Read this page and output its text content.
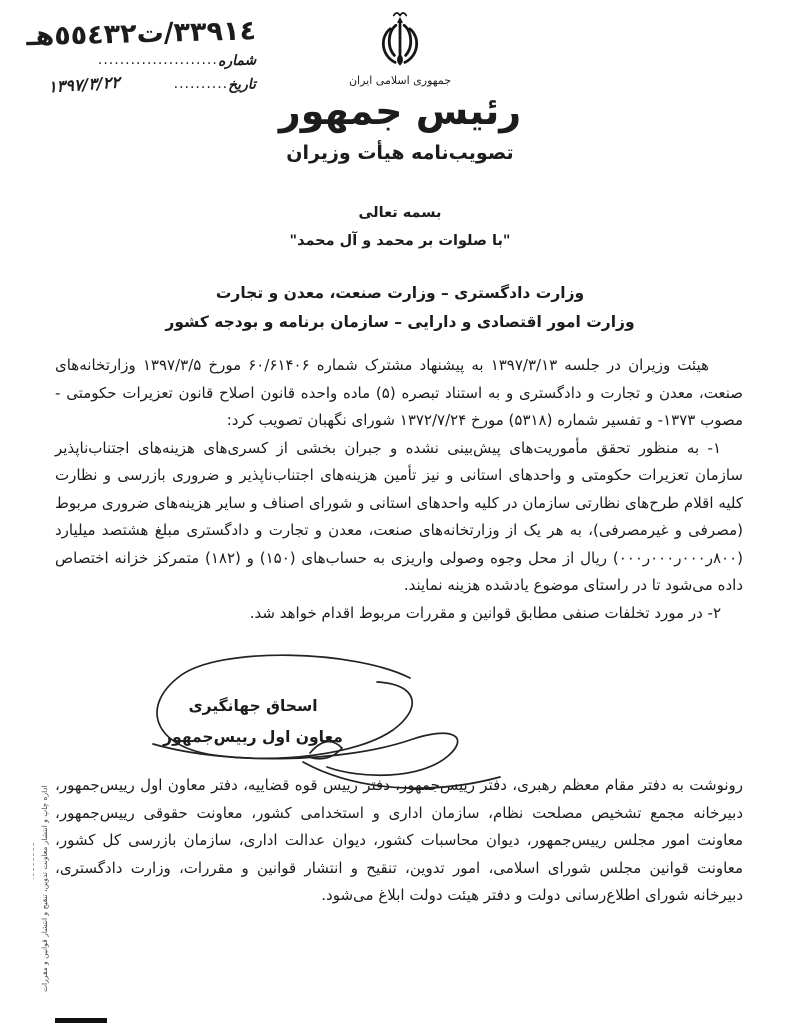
٣٣٩١٤/ت٥٥٤٣٢هـ
شماره
......................
تاریخ
..........
١٣٩٧/٣/٢٢	جمهوری اسلامی ایران
رئیس جمهور
تصویب‌نامه هیأت وزیران
بسمه تعالی
"با صلوات بر محمد و آل محمد"
وزارت دادگستری – وزارت صنعت، معدن و تجارت
وزارت امور اقتصادی و دارایی – سازمان برنامه و بودجه کشور

هیئت وزیران در جلسه ۱۳۹۷/۳/۱۳ به پیشنهاد مشترک شماره ۶۰/۶۱۴۰۶ مورخ ۱۳۹۷/۳/۵ وزارتخانه‌های صنعت، معدن و تجارت و دادگستری و به استناد تبصره (۵) ماده واحده قانون اصلاح قانون تعزیرات حکومتی - مصوب ۱۳۷۳- و تفسیر شماره (۵۳۱۸) مورخ ۱۳۷۲/۷/۲۴ شورای نگهبان تصویب کرد:

۱- به منظور تحقق مأموریت‌های پیش‌بینی نشده و جبران بخشی از کسری‌های هزینه‌های اجتناب‌ناپذیر سازمان تعزیرات حکومتی و واحدهای استانی و نیز تأمین هزینه‌های اجتناب‌ناپذیر و ضروری بازرسی و نظارت کلیه اقلام طرح‌های نظارتی سازمان در کلیه واحدهای استانی و شورای اصناف و سایر هزینه‌های ضروری مربوط (مصرفی و غیرمصرفی)، به هر یک از وزارتخانه‌های صنعت، معدن و تجارت و دادگستری مبلغ هشتصد میلیارد (۸۰۰ر۰۰۰ر۰۰۰ر۰۰۰) ریال از محل وجوه وصولی واریزی به حساب‌های (۱۵۰) و (۱۸۲) متمرکز خزانه اختصاص داده می‌شود تا در راستای موضوع یادشده هزینه نمایند.

۲- در مورد تخلفات صنفی مطابق قوانین و مقررات مربوط اقدام خواهد شد.

اسحاق جهانگیری
معاون اول رییس‌جمهور
رونوشت به دفتر مقام معظم رهبری، دفتر رییس‌جمهور، دفتر رییس قوه قضاییه، دفتر معاون اول رییس‌جمهور، دبیرخانه مجمع تشخیص مصلحت نظام، سازمان اداری و استخدامی کشور، معاونت حقوقی رییس‌جمهور، معاونت امور مجلس رییس‌جمهور، دیوان محاسبات کشور، دیوان عدالت اداری، سازمان بازرسی کل کشور، معاونت قوانین مجلس شورای اسلامی، امور تدوین، تنقیح و انتشار قوانین و مقررات، وزارت دادگستری، دبیرخانه شورای اطلاع‌رسانی دولت و دفتر هیئت دولت ابلاغ می‌شود.
اداره چاپ و انتشار معاونت تدوین، تنقیح و انتشار قوانین و مقررات
